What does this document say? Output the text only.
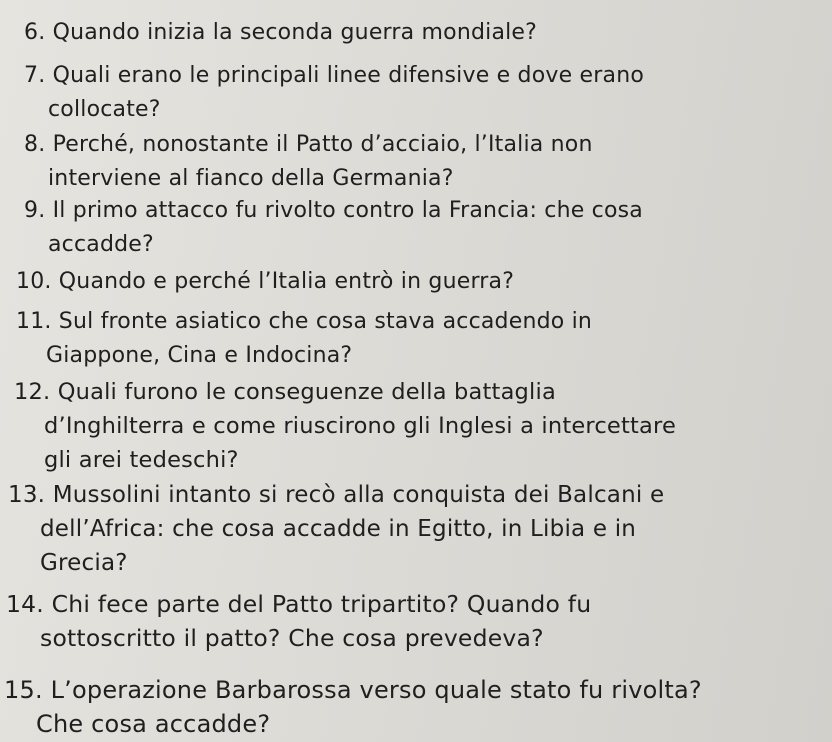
6. Quando inizia la seconda guerra mondiale?
7. Quali erano le principali linee difensive e dove erano
collocate?
8. Perché, nonostante il Patto d’acciaio, l’Italia non
interviene al fianco della Germania?
9. Il primo attacco fu rivolto contro la Francia: che cosa
accadde?
10. Quando e perché l’Italia entrò in guerra?
11. Sul fronte asiatico che cosa stava accadendo in
Giappone, Cina e Indocina?
12. Quali furono le conseguenze della battaglia
d’Inghilterra e come riuscirono gli Inglesi a intercettare
gli arei tedeschi?
13. Mussolini intanto si recò alla conquista dei Balcani e
dell’Africa: che cosa accadde in Egitto, in Libia e in
Grecia?
14. Chi fece parte del Patto tripartito? Quando fu
sottoscritto il patto? Che cosa prevedeva?
15. L’operazione Barbarossa verso quale stato fu rivolta?
Che cosa accadde?
